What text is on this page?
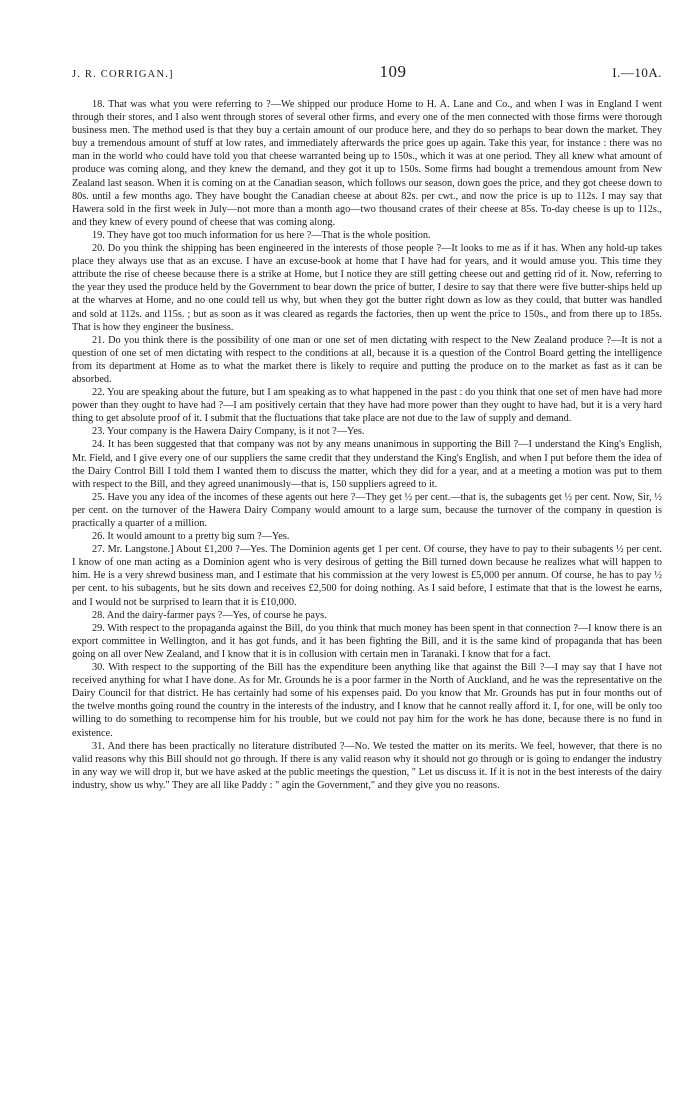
J. R. CORRIGAN.]	109	I.—10A.

18. That was what you were referring to ?—We shipped our produce Home to H. A. Lane and Co., and when I was in England I went through their stores, and I also went through stores of several other firms, and every one of the men connected with those firms were thorough business men. The method used is that they buy a certain amount of our produce here, and they do so perhaps to bear down the market. They buy a tremendous amount of stuff at low rates, and immediately afterwards the price goes up again. Take this year, for instance : there was no man in the world who could have told you that cheese warranted being up to 150s., which it was at one period. They all knew what amount of produce was coming along, and they knew the demand, and they got it up to 150s. Some firms had bought a tremendous amount from New Zealand last season. When it is coming on at the Canadian season, which follows our season, down goes the price, and they got cheese down to 80s. until a few months ago. They have bought the Canadian cheese at about 82s. per cwt., and now the price is up to 112s. I may say that Hawera sold in the first week in July—not more than a month ago—two thousand crates of their cheese at 85s. To-day cheese is up to 112s., and they knew of every pound of cheese that was coming along.

19. They have got too much information for us here ?—That is the whole position.

20. Do you think the shipping has been engineered in the interests of those people ?—It looks to me as if it has. When any hold-up takes place they always use that as an excuse. I have an excuse-book at home that I have had for years, and it would amuse you. This time they attribute the rise of cheese because there is a strike at Home, but I notice they are still getting cheese out and getting rid of it. Now, referring to the year they used the produce held by the Government to bear down the price of butter, I desire to say that there were five butter-ships held up at the wharves at Home, and no one could tell us why, but when they got the butter right down as low as they could, that butter was handled and sold at 112s. and 115s. ; but as soon as it was cleared as regards the factories, then up went the price to 150s., and from there up to 185s. That is how they engineer the business.

21. Do you think there is the possibility of one man or one set of men dictating with respect to the New Zealand produce ?—It is not a question of one set of men dictating with respect to the conditions at all, because it is a question of the Control Board getting the intelligence from its department at Home as to what the market there is likely to require and putting the produce on to the market as fast as it can be absorbed.

22. You are speaking about the future, but I am speaking as to what happened in the past : do you think that one set of men have had more power than they ought to have had ?—I am positively certain that they have had more power than they ought to have had, but it is a very hard thing to get absolute proof of it. I submit that the fluctuations that take place are not due to the law of supply and demand.

23. Your company is the Hawera Dairy Company, is it not ?—Yes.

24. It has been suggested that that company was not by any means unanimous in supporting the Bill ?—I understand the King's English, Mr. Field, and I give every one of our suppliers the same credit that they understand the King's English, and when I put before them the idea of the Dairy Control Bill I told them I wanted them to discuss the matter, which they did for a year, and at a meeting a motion was put to them with respect to the Bill, and they agreed unanimously—that is, 150 suppliers agreed to it.

25. Have you any idea of the incomes of these agents out here ?—They get ½ per cent.—that is, the subagents get ½ per cent. Now, Sir, ½ per cent. on the turnover of the Hawera Dairy Company would amount to a large sum, because the turnover of the company in question is practically a quarter of a million.

26. It would amount to a pretty big sum ?—Yes.

27. Mr. Langstone.] About £1,200 ?—Yes. The Dominion agents get 1 per cent. Of course, they have to pay to their subagents ½ per cent. I know of one man acting as a Dominion agent who is very desirous of getting the Bill turned down because he realizes what will happen to him. He is a very shrewd business man, and I estimate that his commission at the very lowest is £5,000 per annum. Of course, he has to pay ½ per cent. to his subagents, but he sits down and receives £2,500 for doing nothing. As I said before, I estimate that that is the lowest he earns, and I would not be surprised to learn that it is £10,000.

28. And the dairy-farmer pays ?—Yes, of course he pays.

29. With respect to the propaganda against the Bill, do you think that much money has been spent in that connection ?—I know there is an export committee in Wellington, and it has got funds, and it has been fighting the Bill, and it is the same kind of propaganda that has been going on all over New Zealand, and I know that it is in collusion with certain men in Taranaki. I know that for a fact.

30. With respect to the supporting of the Bill has the expenditure been anything like that against the Bill ?—I may say that I have not received anything for what I have done. As for Mr. Grounds he is a poor farmer in the North of Auckland, and he was the representative on the Dairy Council for that district. He has certainly had some of his expenses paid. Do you know that Mr. Grounds has put in four months out of the twelve months going round the country in the interests of the industry, and I know that he cannot really afford it. I, for one, will be only too willing to do something to recompense him for his trouble, but we could not pay him for the work he has done, because there is no fund in existence.

31. And there has been practically no literature distributed ?—No. We tested the matter on its merits. We feel, however, that there is no valid reasons why this Bill should not go through. If there is any valid reason why it should not go through or is going to endanger the industry in any way we will drop it, but we have asked at the public meetings the question, " Let us discuss it. If it is not in the best interests of the dairy industry, show us why." They are all like Paddy : " agin the Government," and they give you no reasons.
